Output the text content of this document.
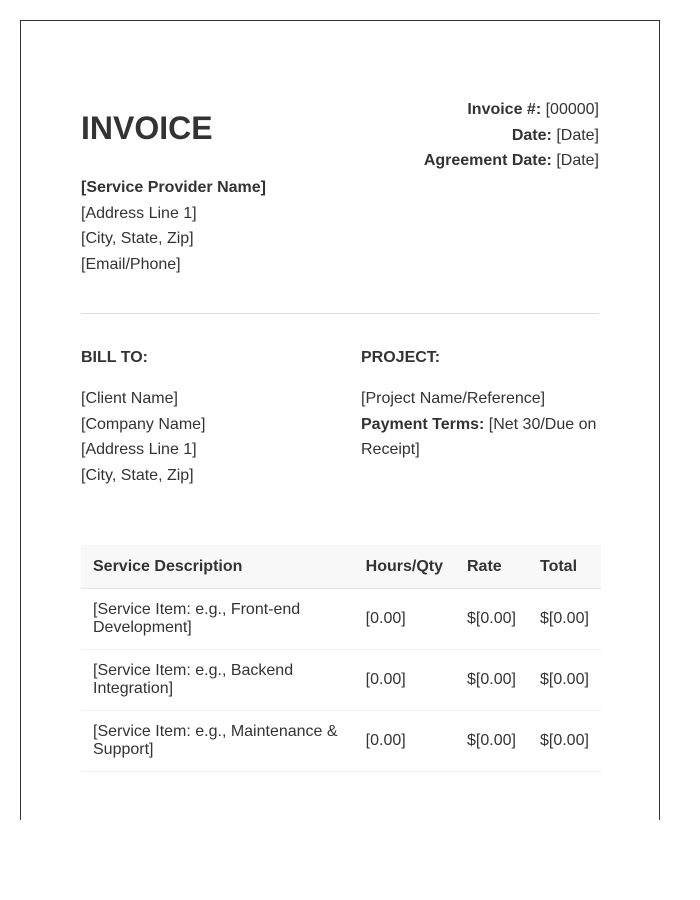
INVOICE
Invoice #: [00000]
Date: [Date]
Agreement Date: [Date]
[Service Provider Name]
[Address Line 1]
[City, State, Zip]
[Email/Phone]
BILL TO:
[Client Name]
[Company Name]
[Address Line 1]
[City, State, Zip]
PROJECT:
[Project Name/Reference]
Payment Terms: [Net 30/Due on Receipt]
Service Description	Hours/Qty	Rate	Total
[Service Item: e.g., Front-end Development]	[0.00]	$[0.00]	$[0.00]
[Service Item: e.g., Backend Integration]	[0.00]	$[0.00]	$[0.00]
[Service Item: e.g., Maintenance & Support]	[0.00]	$[0.00]	$[0.00]
